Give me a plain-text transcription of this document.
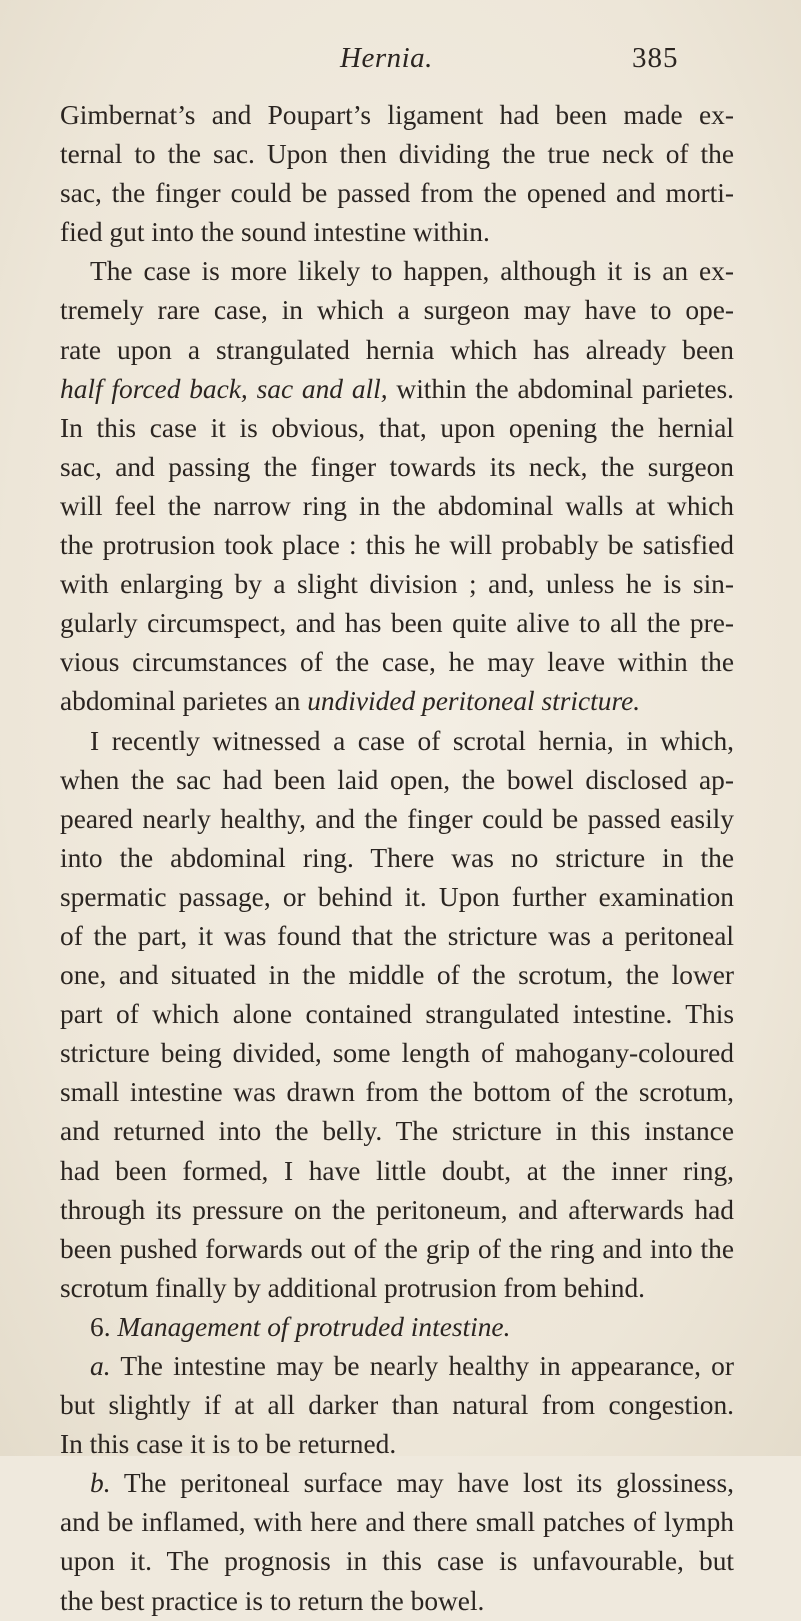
Hernia.	385
Gimbernat’s and Poupart’s ligament had been made ex-
ternal to the sac. Upon then dividing the true neck of the
sac, the finger could be passed from the opened and morti-
fied gut into the sound intestine within.
The case is more likely to happen, although it is an ex-
tremely rare case, in which a surgeon may have to ope-
rate upon a strangulated hernia which has already been
half forced back, sac and all, within the abdominal parietes.
In this case it is obvious, that, upon opening the hernial
sac, and passing the finger towards its neck, the surgeon
will feel the narrow ring in the abdominal walls at which
the protrusion took place : this he will probably be satisfied
with enlarging by a slight division ; and, unless he is sin-
gularly circumspect, and has been quite alive to all the pre-
vious circumstances of the case, he may leave within the
abdominal parietes an undivided peritoneal stricture.
I recently witnessed a case of scrotal hernia, in which,
when the sac had been laid open, the bowel disclosed ap-
peared nearly healthy, and the finger could be passed easily
into the abdominal ring. There was no stricture in the
spermatic passage, or behind it. Upon further examination
of the part, it was found that the stricture was a peritoneal
one, and situated in the middle of the scrotum, the lower
part of which alone contained strangulated intestine. This
stricture being divided, some length of mahogany-coloured
small intestine was drawn from the bottom of the scrotum,
and returned into the belly. The stricture in this instance
had been formed, I have little doubt, at the inner ring,
through its pressure on the peritoneum, and afterwards had
been pushed forwards out of the grip of the ring and into the
scrotum finally by additional protrusion from behind.
6. Management of protruded intestine.
a. The intestine may be nearly healthy in appearance, or
but slightly if at all darker than natural from congestion.
In this case it is to be returned.
b. The peritoneal surface may have lost its glossiness,
and be inflamed, with here and there small patches of lymph
upon it. The prognosis in this case is unfavourable, but
the best practice is to return the bowel.
